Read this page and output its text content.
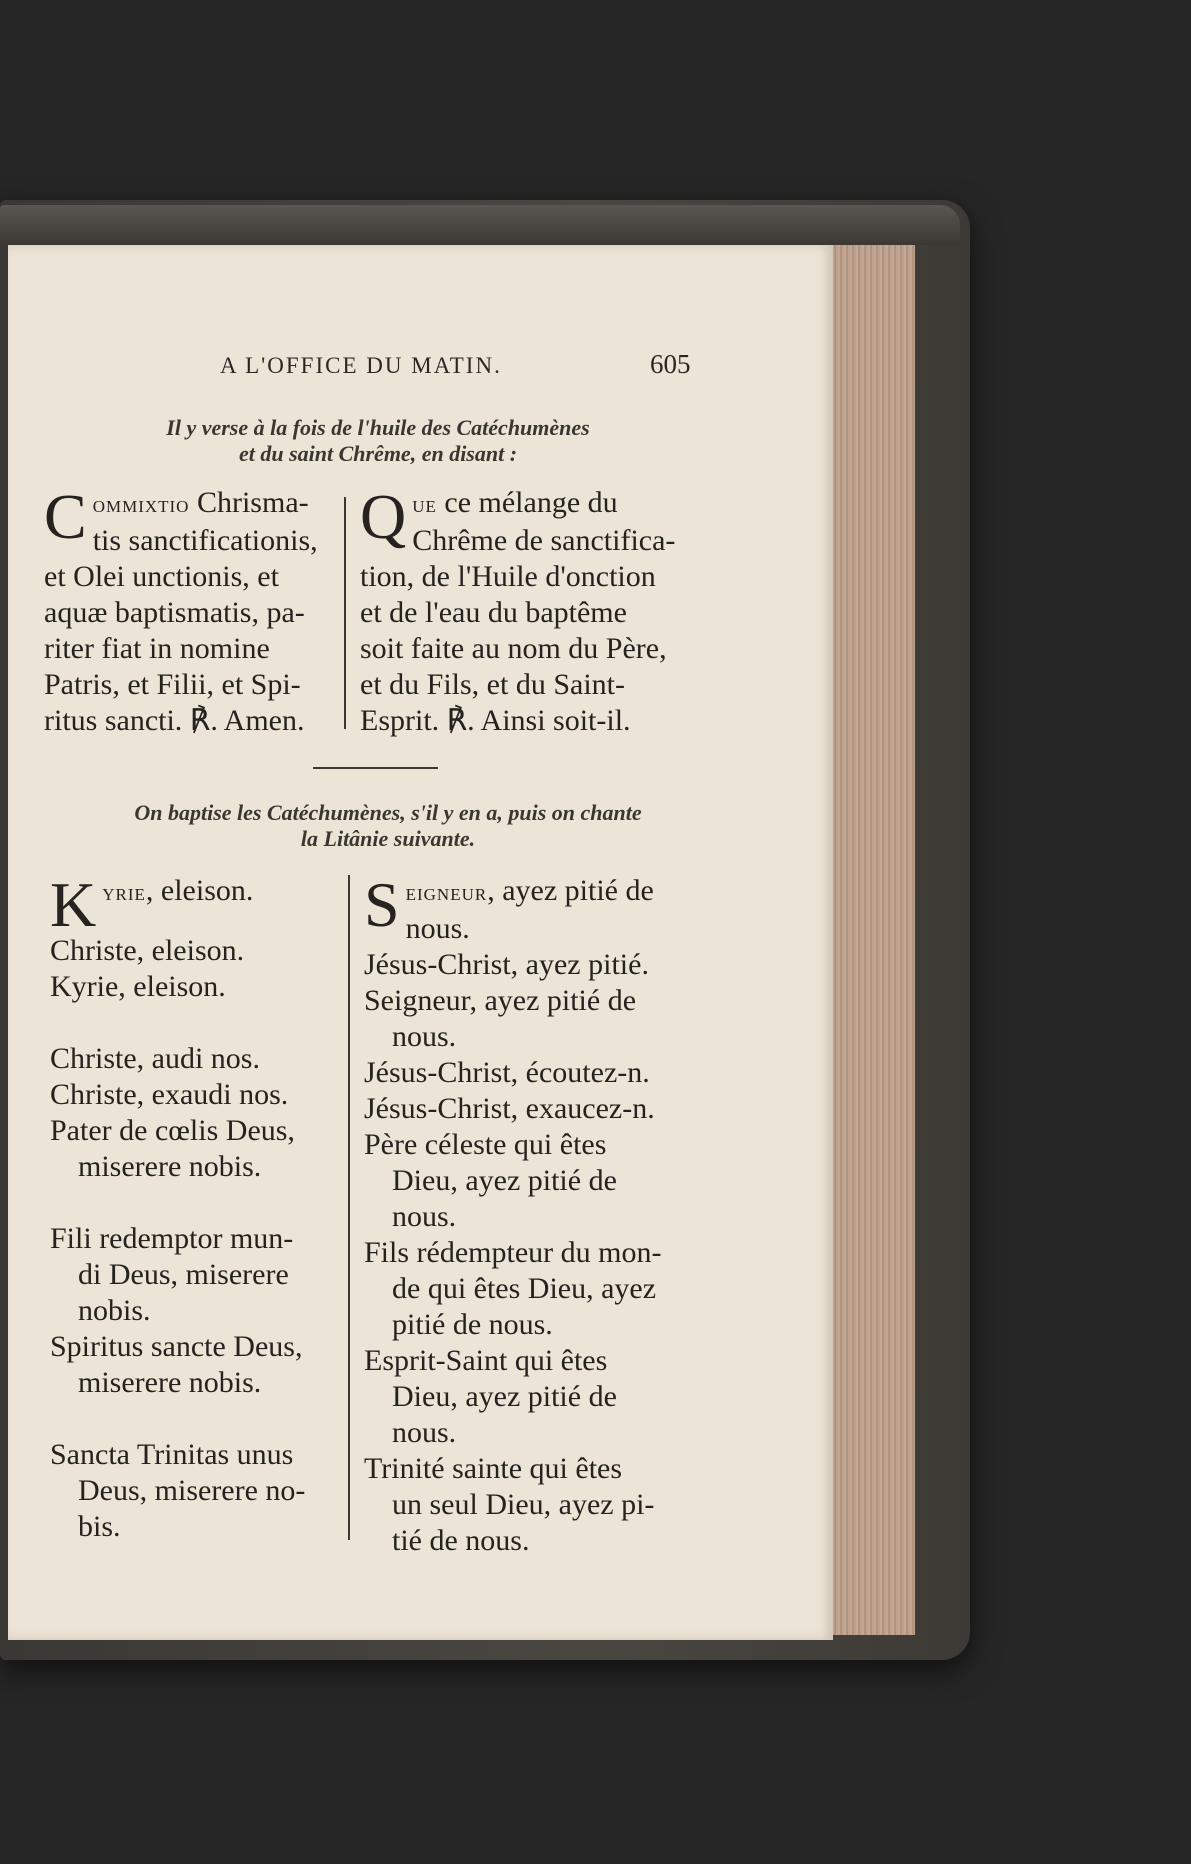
A L'OFFICE DU MATIN.	605
Il y verse à la fois de l'huile des Catéchumènes
et du saint Chrême, en disant :
C ommixtio Chrisma-
tis sanctificationis,
et Olei unctionis, et
aquæ baptismatis, pa-
riter fiat in nomine
Patris, et Filii, et Spi-
ritus sancti. ℟. Amen.
Q ue ce mélange du
Chrême de sanctifica-
tion, de l'Huile d'onction
et de l'eau du baptême
soit faite au nom du Père,
et du Fils, et du Saint-
Esprit. ℟. Ainsi soit-il.
On baptise les Catéchumènes, s'il y en a, puis on chante
la Litânie suivante.

Kyrie, eleison.

Christe, eleison.

Kyrie, eleison.

Christe, audi nos.

Christe, exaudi nos.

Pater de cœlis Deus,

miserere nobis.

Fili redemptor mun-

di Deus, miserere

nobis.

Spiritus sancte Deus,

miserere nobis.

Sancta Trinitas unus

Deus, miserere no-

bis.

Seigneur, ayez pitié de

nous.

Jésus-Christ, ayez pitié.

Seigneur, ayez pitié de

nous.

Jésus-Christ, écoutez-n.

Jésus-Christ, exaucez-n.

Père céleste qui êtes

Dieu, ayez pitié de

nous.

Fils rédempteur du mon-

de qui êtes Dieu, ayez

pitié de nous.

Esprit-Saint qui êtes

Dieu, ayez pitié de

nous.

Trinité sainte qui êtes

un seul Dieu, ayez pi-

tié de nous.
